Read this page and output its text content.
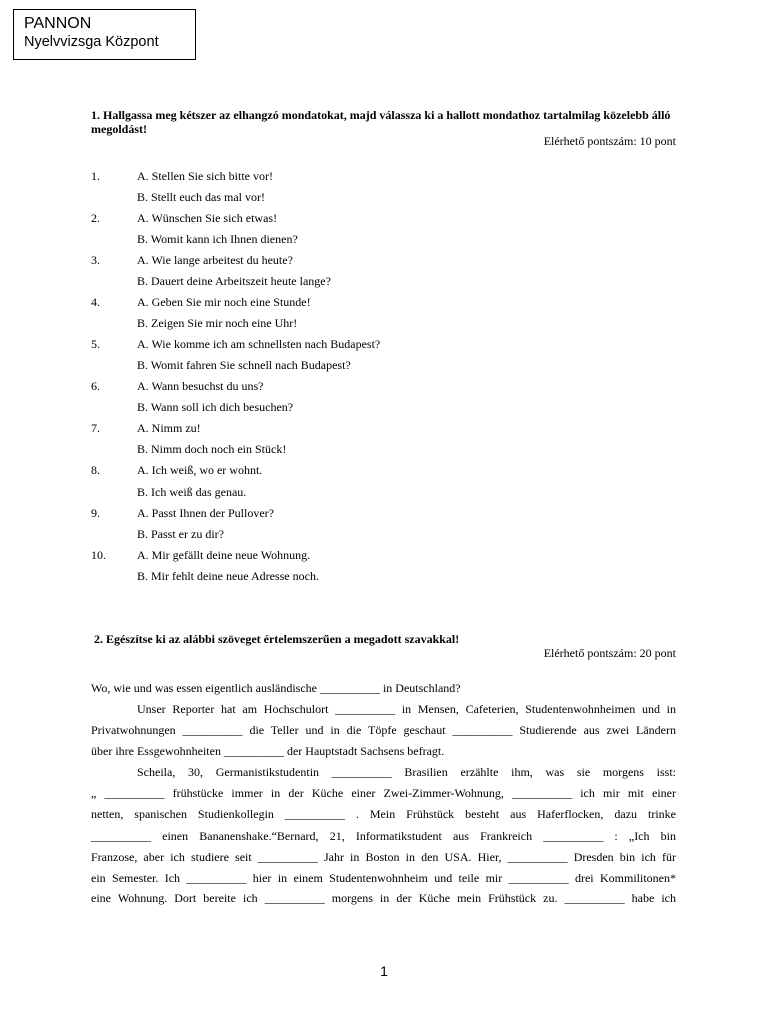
PANNON
Nyelvvizsga Központ
1. Hallgassa meg kétszer az elhangzó mondatokat, majd válassza ki a hallott mondathoz tartalmilag közelebb álló megoldást!
Elérhető pontszám: 10 pont
1.	A. Stellen Sie sich bitte vor!
B. Stellt euch das mal vor!
2.	A. Wünschen Sie sich etwas!
B. Womit kann ich Ihnen dienen?
3.	A. Wie lange arbeitest du heute?
B. Dauert deine Arbeitszeit heute lange?
4.	A. Geben Sie mir noch eine Stunde!
B. Zeigen Sie mir noch eine Uhr!
5.	A. Wie komme ich am schnellsten nach Budapest?
B. Womit fahren Sie schnell nach Budapest?
6.	A. Wann besuchst du uns?
B. Wann soll ich dich besuchen?
7.	A. Nimm zu!
B. Nimm doch noch ein Stück!
8.	A. Ich weiß, wo er wohnt.
B. Ich weiß das genau.
9.	A. Passt Ihnen der Pullover?
B. Passt er zu dir?
10.	A. Mir gefällt deine neue Wohnung.
B. Mir fehlt deine neue Adresse noch.
2. Egészítse ki az alábbi szöveget értelemszerűen a megadott szavakkal!
Elérhető pontszám: 20 pont
Wo, wie und was essen eigentlich ausländische __________ in Deutschland?
Unser Reporter hat am Hochschulort __________ in Mensen, Cafeterien, Studentenwohnheimen und in
Privatwohnungen __________ die Teller und in die Töpfe geschaut __________ Studierende aus zwei Ländern
über ihre Essgewohnheiten __________ der Hauptstadt Sachsens befragt.
Scheila, 30, Germanistikstudentin __________ Brasilien erzählte ihm, was sie morgens isst:
„ __________ frühstücke immer in der Küche einer Zwei-Zimmer-Wohnung, __________ ich mir mit einer
netten, spanischen Studienkollegin __________ . Mein Frühstück besteht aus Haferflocken, dazu trinke
__________ einen Bananenshake.“Bernard, 21, Informatikstudent aus Frankreich __________ : „Ich bin
Franzose, aber ich studiere seit __________ Jahr in Boston in den USA. Hier, __________ Dresden bin ich für
ein Semester. Ich __________ hier in einem Studentenwohnheim und teile mir __________ drei Kommilitonen*
eine Wohnung. Dort bereite ich __________ morgens in der Küche mein Frühstück zu. __________ habe ich
1
